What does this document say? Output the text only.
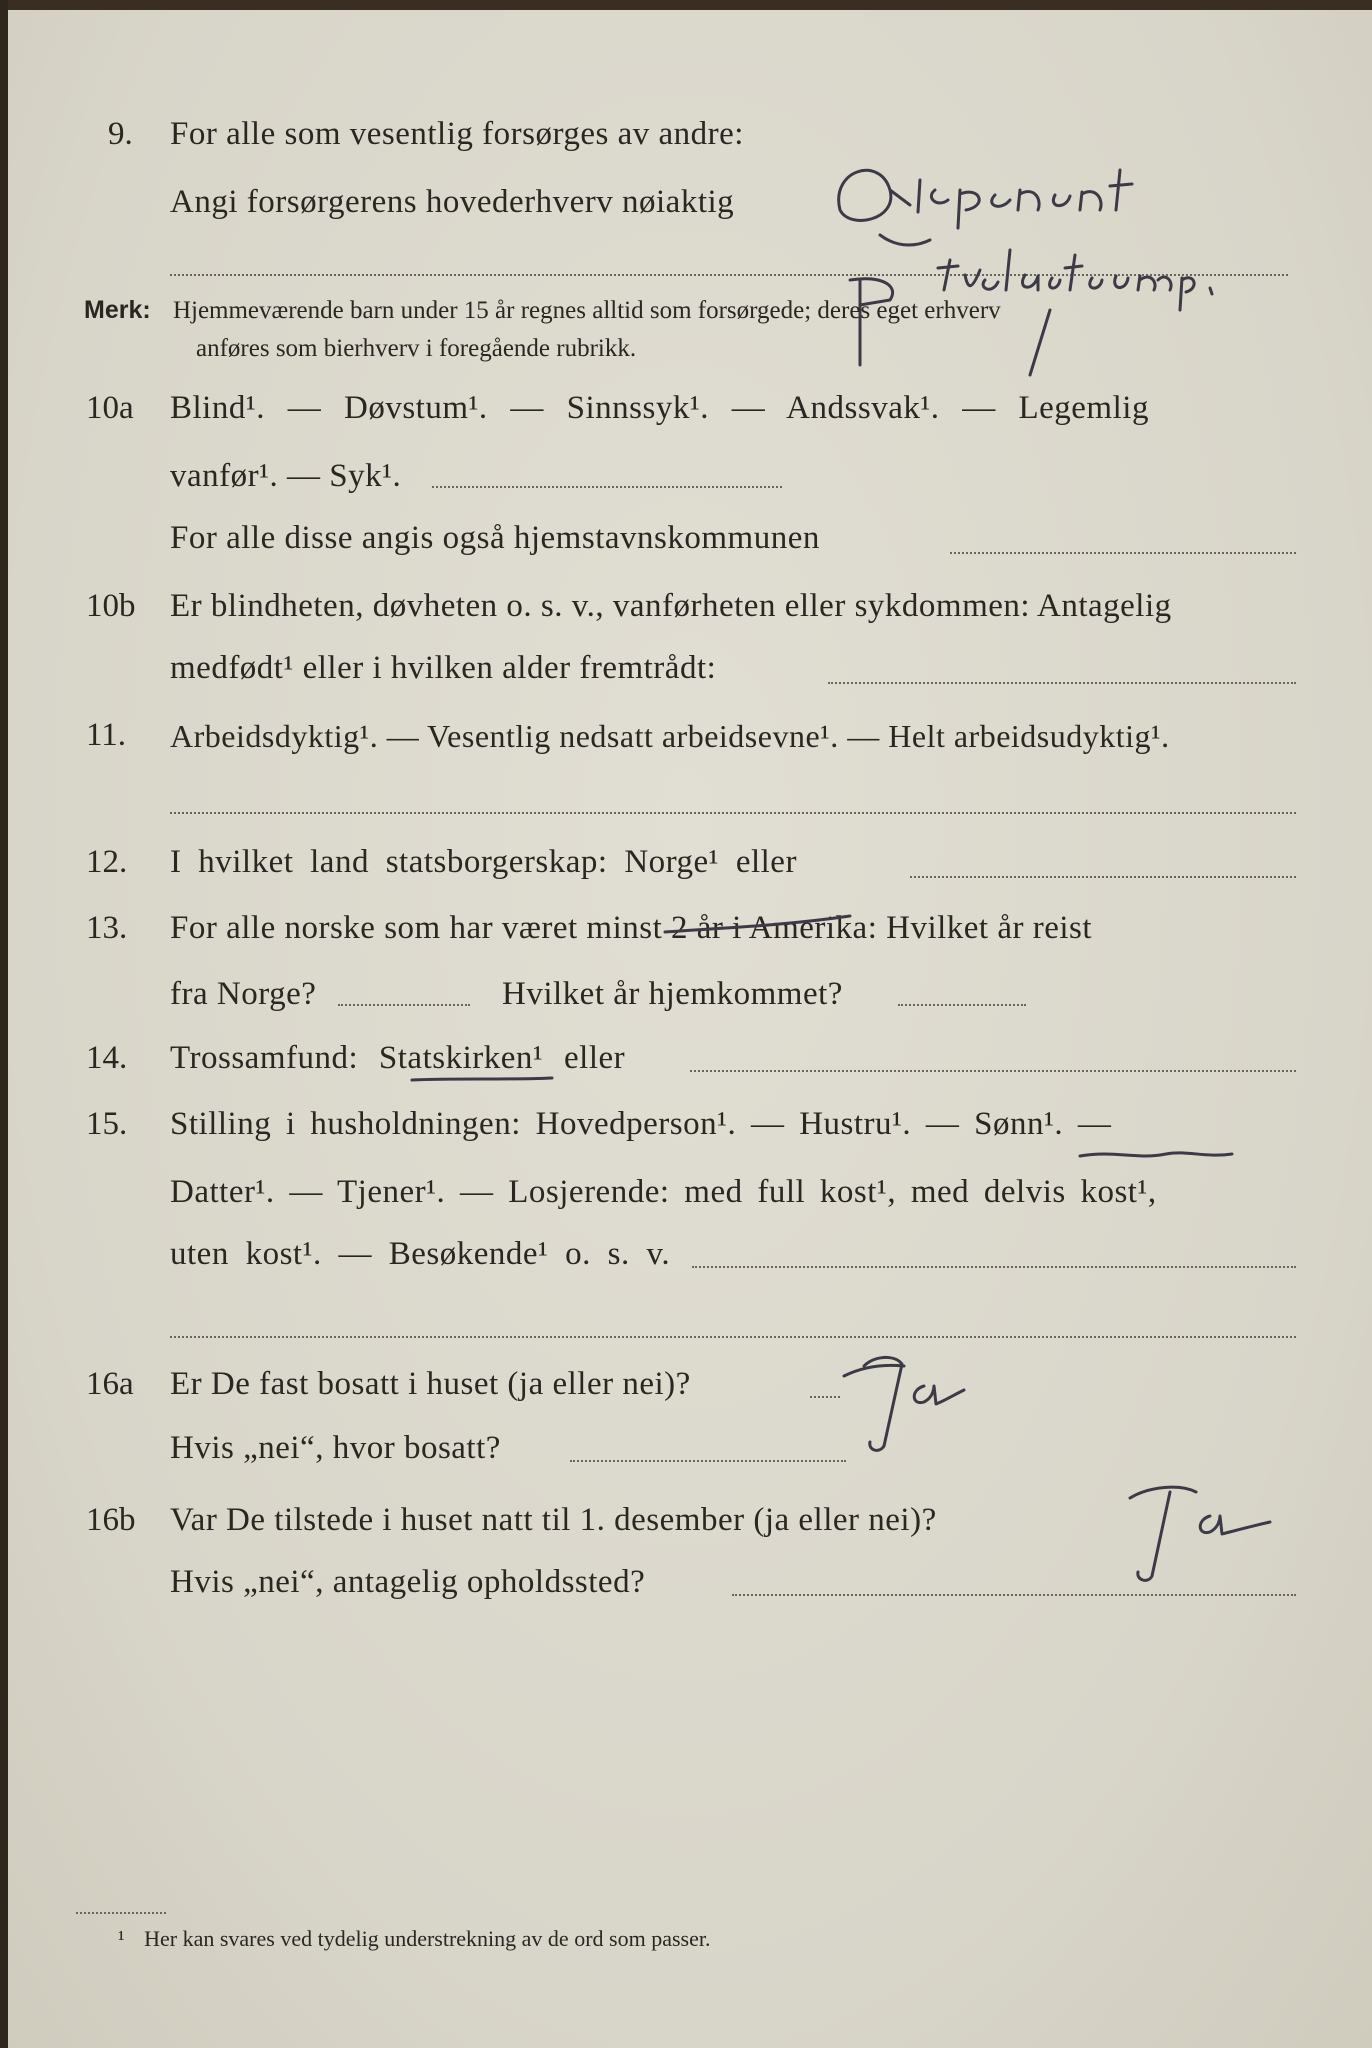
9.	For alle som vesentlig forsørges av andre:
Angi forsørgerens hovederhverv nøiaktig
Merk: Hjemmeværende barn under 15 år regnes alltid som forsørgede; deres eget erhverv
anføres som bierhverv i foregående rubrikk.
10a	Blind¹. — Døvstum¹. — Sinnssyk¹. — Andssvak¹. — Legemlig
vanfør¹. — Syk¹.
For alle disse angis også hjemstavnskommunen
10b	Er blindheten, døvheten o. s. v., vanførheten eller sykdommen: Antagelig
medfødt¹ eller i hvilken alder fremtrådt:
11.	Arbeidsdyktig¹. — Vesentlig nedsatt arbeidsevne¹. — Helt arbeidsudyktig¹.
12.	I hvilket land statsborgerskap: Norge¹ eller
13.	For alle norske som har været minst 2 år i Amerika: Hvilket år reist
fra Norge?	Hvilket år hjemkommet?
14.	Trossamfund: Statskirken¹ eller
15.	Stilling i husholdningen: Hovedperson¹. — Hustru¹. — Sønn¹. —
Datter¹. — Tjener¹. — Losjerende: med full kost¹, med delvis kost¹,
uten kost¹. — Besøkende¹ o. s. v.
16a	Er De fast bosatt i huset (ja eller nei)?
Hvis „nei“, hvor bosatt?
16b	Var De tilstede i huset natt til 1. desember (ja eller nei)?
Hvis „nei“, antagelig opholdssted?
¹ Her kan svares ved tydelig understrekning av de ord som passer.
